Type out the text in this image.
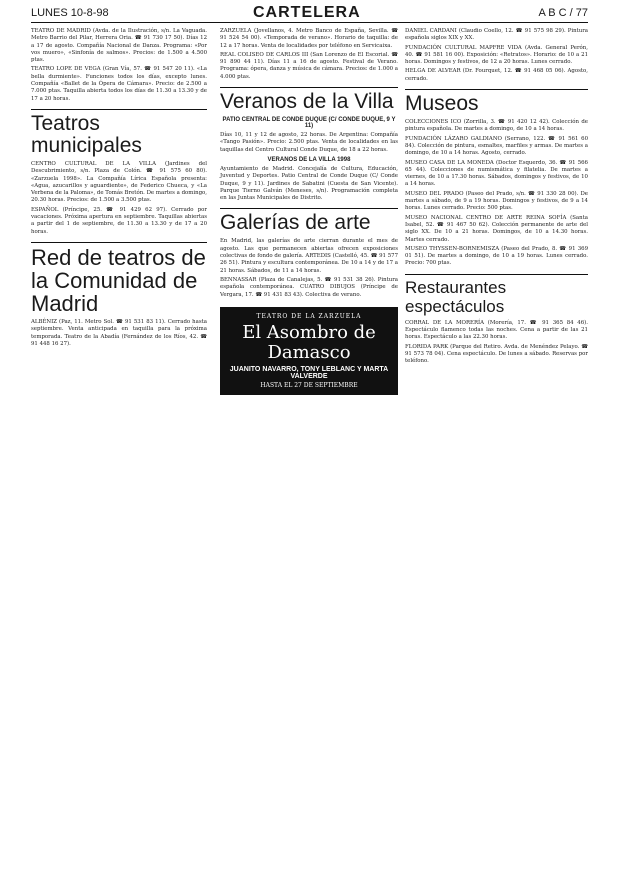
LUNES 10-8-98	CARTELERA	A B C / 77

TEATRO DE MADRID (Avda. de la Ilustración, s/n. La Vaguada. Metro Barrio del Pilar, Herrera Oria. ☎ 91 730 17 50). Días 12 a 17 de agosto. Compañía Nacional de Danza. Programa: «Por vos muero», «Sinfonía de salmos». Precios: de 1.500 a 4.500 ptas.

TEATRO LOPE DE VEGA (Gran Vía, 57. ☎ 91 547 20 11). «La bella durmiente». Funciones todos los días, excepto lunes. Compañía «Ballet de la Ópera de Cámara». Precio: de 2.500 a 7.000 ptas. Taquilla abierta todos los días de 11.30 a 13.30 y de 17 a 20 horas.

Teatros municipales

CENTRO CULTURAL DE LA VILLA (Jardines del Descubrimiento, s/n. Plaza de Colón. ☎ 91 575 60 80). «Zarzuela 1998». La Compañía Lírica Española presenta: «Agua, azucarillos y aguardiente», de Federico Chueca, y «La Verbena de la Paloma», de Tomás Bretón. De martes a domingo, 20.30 horas. Precios: de 1.500 a 3.500 ptas.

ESPAÑOL (Príncipe, 25. ☎ 91 429 62 97). Cerrado por vacaciones. Próxima apertura en septiembre. Taquillas abiertas a partir del 1 de septiembre, de 11.30 a 13.30 y de 17 a 20 horas.

Red de teatros de la Comunidad de Madrid

ALBÉNIZ (Paz, 11. Metro Sol. ☎ 91 531 83 11). Cerrado hasta septiembre. Venta anticipada en taquilla para la próxima temporada. Teatro de la Abadía (Fernández de los Ríos, 42. ☎ 91 448 16 27).

ZARZUELA (Jovellanos, 4. Metro Banco de España, Sevilla. ☎ 91 524 54 00). «Temporada de verano». Horario de taquilla: de 12 a 17 horas. Venta de localidades por teléfono en Servicaixa.

REAL COLISEO DE CARLOS III (San Lorenzo de El Escorial. ☎ 91 890 44 11). Días 11 a 16 de agosto. Festival de Verano. Programa: ópera, danza y música de cámara. Precios: de 1.000 a 4.000 ptas.

Veranos de la Villa
PATIO CENTRAL DE CONDE DUQUE (C/ CONDE DUQUE, 9 Y 11)

Días 10, 11 y 12 de agosto, 22 horas. De Argentina: Compañía «Tango Pasión». Precio: 2.500 ptas. Venta de localidades en las taquillas del Centro Cultural Conde Duque, de 18 a 22 horas.

VERANOS DE LA VILLA 1998

Ayuntamiento de Madrid. Concejalía de Cultura, Educación, Juventud y Deportes. Patio Central de Conde Duque (C/ Conde Duque, 9 y 11). Jardines de Sabatini (Cuesta de San Vicente). Parque Tierno Galván (Meneses, s/n). Programación completa en las Juntas Municipales de Distrito.

Galerías de arte

En Madrid, las galerías de arte cierran durante el mes de agosto. Las que permanecen abiertas ofrecen exposiciones colectivas de fondo de galería. ARTEDIS (Castelló, 45. ☎ 91 577 26 51). Pintura y escultura contemporánea. De 10 a 14 y de 17 a 21 horas. Sábados, de 11 a 14 horas.

BENNASSAR (Plaza de Canalejas, 5. ☎ 91 531 38 26). Pintura española contemporánea. CUATRO DIBUJOS (Príncipe de Vergara, 17. ☎ 91 431 83 43). Colectiva de verano.

TEATRO DE LA ZARZUELA
El Asombro de Damasco
JUANITO NAVARRO, TONY LEBLANC Y MARTA VALVERDE
HASTA EL 27 DE SEPTIEMBRE

DANIEL CARDANI (Claudio Coello, 12. ☎ 91 575 98 29). Pintura española siglos XIX y XX.

FUNDACIÓN CULTURAL MAPFRE VIDA (Avda. General Perón, 40. ☎ 91 581 16 00). Exposición: «Retratos». Horario: de 10 a 21 horas. Domingos y festivos, de 12 a 20 horas. Lunes cerrado.

HELGA DE ALVEAR (Dr. Fourquet, 12. ☎ 91 468 05 06). Agosto, cerrado.

Museos

COLECCIONES ICO (Zorrilla, 3. ☎ 91 420 12 42). Colección de pintura española. De martes a domingo, de 10 a 14 horas.

FUNDACIÓN LÁZARO GALDIANO (Serrano, 122. ☎ 91 561 60 84). Colección de pintura, esmaltes, marfiles y armas. De martes a domingo, de 10 a 14 horas. Agosto, cerrado.

MUSEO CASA DE LA MONEDA (Doctor Esquerdo, 36. ☎ 91 566 65 44). Colecciones de numismática y filatelia. De martes a viernes, de 10 a 17.30 horas. Sábados, domingos y festivos, de 10 a 14 horas.

MUSEO DEL PRADO (Paseo del Prado, s/n. ☎ 91 330 28 00). De martes a sábado, de 9 a 19 horas. Domingos y festivos, de 9 a 14 horas. Lunes cerrado. Precio: 500 ptas.

MUSEO NACIONAL CENTRO DE ARTE REINA SOFÍA (Santa Isabel, 52. ☎ 91 467 50 62). Colección permanente de arte del siglo XX. De 10 a 21 horas. Domingos, de 10 a 14.30 horas. Martes cerrado.

MUSEO THYSSEN-BORNEMISZA (Paseo del Prado, 8. ☎ 91 369 01 51). De martes a domingo, de 10 a 19 horas. Lunes cerrado. Precio: 700 ptas.

Restaurantes espectáculos

CORRAL DE LA MORERÍA (Morería, 17. ☎ 91 365 84 46). Espectáculo flamenco todas las noches. Cena a partir de las 21 horas. Espectáculo a las 22.30 horas.

FLORIDA PARK (Parque del Retiro. Avda. de Menéndez Pelayo. ☎ 91 573 78 04). Cena espectáculo. De lunes a sábado. Reservas por teléfono.
